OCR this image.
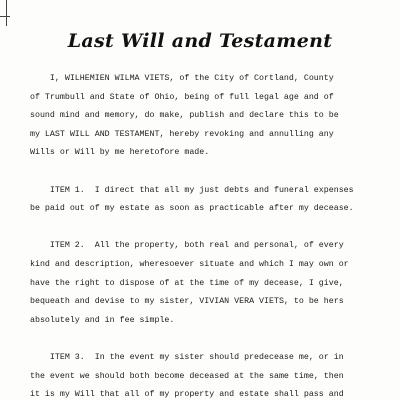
Last Will and Testament
I, WILHEMIEN WILMA VIETS, of the City of Cortland, County
of Trumbull and State of Ohio, being of full legal age and of
sound mind and memory, do make, publish and declare this to be
my LAST WILL AND TESTAMENT, hereby revoking and annulling any
Wills or Will by me heretofore made.
ITEM 1.  I direct that all my just debts and funeral expenses
be paid out of my estate as soon as practicable after my decease.
ITEM 2.  All the property, both real and personal, of every
kind and description, wheresoever situate and which I may own or
have the right to dispose of at the time of my decease, I give,
bequeath and devise to my sister, VIVIAN VERA VIETS, to be hers
absolutely and in fee simple.
ITEM 3.  In the event my sister should predecease me, or in
the event we should both become deceased at the same time, then
it is my Will that all of my property and estate shall pass and
